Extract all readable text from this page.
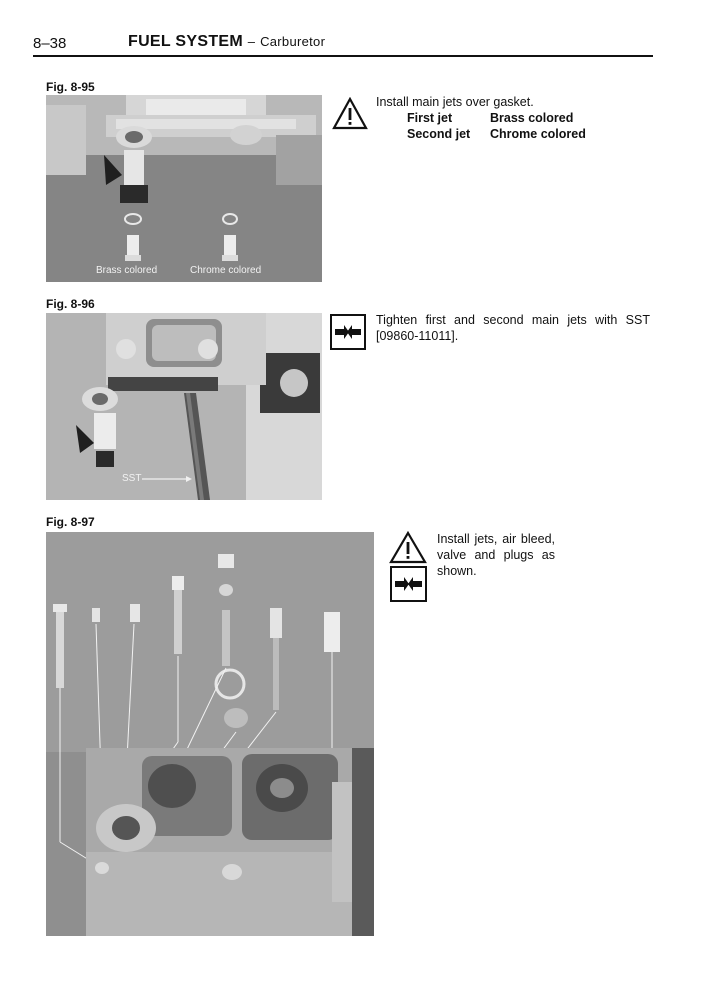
8–38	FUEL SYSTEM – Carburetor
Fig. 8-95
Brass colored	Chrome colored
Install main jets over gasket.
First jet	Brass colored
Second jet Chrome colored
Fig. 8-96
SST
Tighten first and second main jets with SST [09860-11011].
Fig. 8-97
Install jets, air bleed, valve and plugs as shown.
